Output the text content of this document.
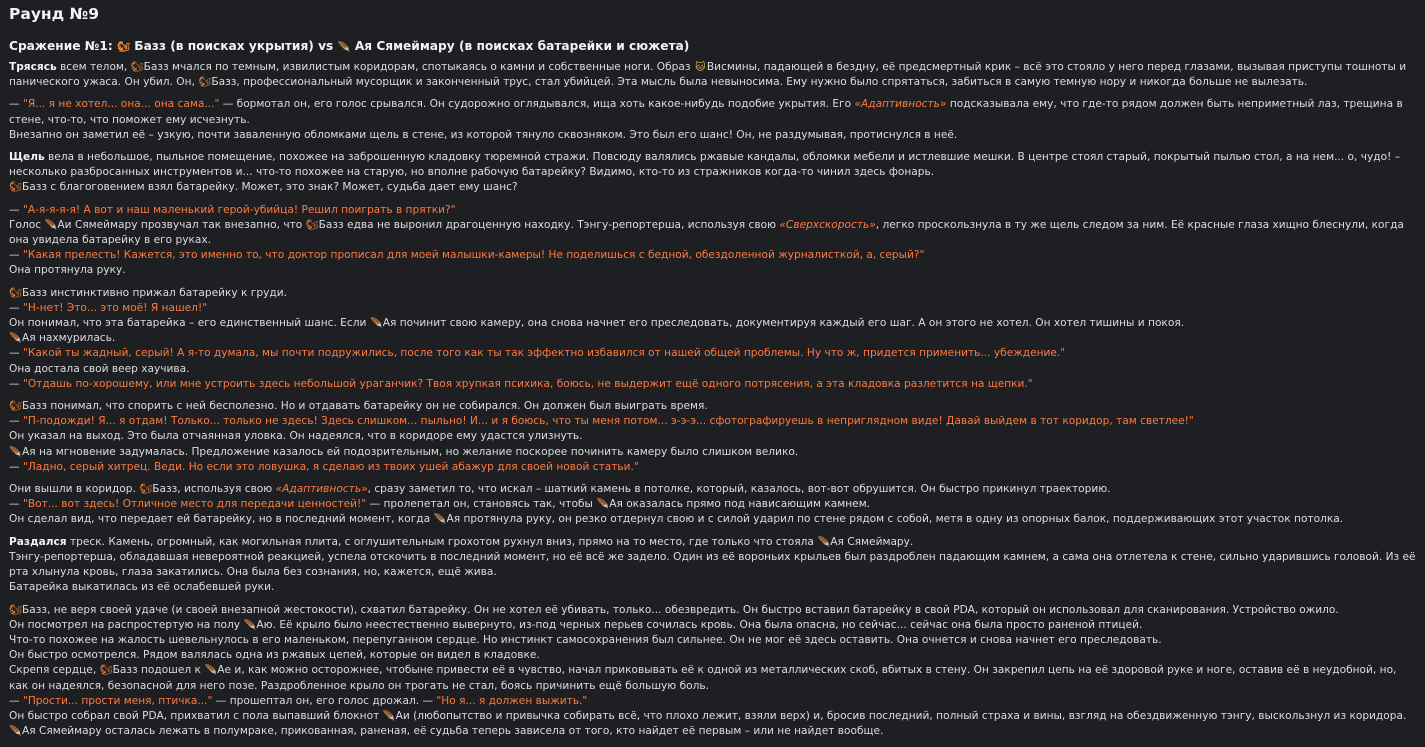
Раунд №9
Сражение №1: 🐿 Базз (в поисках укрытия) vs 🪶 Ая Сямеймару (в поисках батарейки и сюжета)
Трясясь всем телом, 🐿Базз мчался по темным, извилистым коридорам, спотыкаясь о камни и собственные ноги. Образ 🐱Висмины, падающей в бездну, её предсмертный крик – всё это стояло у него перед глазами, вызывая приступы тошноты и панического ужаса. Он убил. Он, 🐿Базз, профессиональный мусорщик и законченный трус, стал убийцей. Эта мысль была невыносима. Ему нужно было спрятаться, забиться в самую темную нору и никогда больше не вылезать.
— "Я... я не хотел... она... она сама..." — бормотал он, его голос срывался. Он судорожно оглядывался, ища хоть какое-нибудь подобие укрытия. Его «Адаптивность» подсказывала ему, что где-то рядом должен быть неприметный лаз, трещина в стене, что-то, что поможет ему исчезнуть.
Внезапно он заметил её – узкую, почти заваленную обломками щель в стене, из которой тянуло сквозняком. Это был его шанс! Он, не раздумывая, протиснулся в неё.
Щель вела в небольшое, пыльное помещение, похожее на заброшенную кладовку тюремной стражи. Повсюду валялись ржавые кандалы, обломки мебели и истлевшие мешки. В центре стоял старый, покрытый пылью стол, а на нем... о, чудо! – несколько разбросанных инструментов и... что-то похожее на старую, но вполне рабочую батарейку? Видимо, кто-то из стражников когда-то чинил здесь фонарь.
🐿Базз с благоговением взял батарейку. Может, это знак? Может, судьба дает ему шанс?
— "А-я-я-я-я! А вот и наш маленький герой-убийца! Решил поиграть в прятки?"
Голос 🪶Аи Сямеймару прозвучал так внезапно, что 🐿Базз едва не выронил драгоценную находку. Тэнгу-репортерша, используя свою «Сверхскорость», легко проскользнула в ту же щель следом за ним. Её красные глаза хищно блеснули, когда она увидела батарейку в его руках.
— "Какая прелесть! Кажется, это именно то, что доктор прописал для моей малышки-камеры! Не поделишься с бедной, обездоленной журналисткой, а, серый?"
Она протянула руку.
🐿Базз инстинктивно прижал батарейку к груди.
— "Н-нет! Это... это моё! Я нашел!"
Он понимал, что эта батарейка – его единственный шанс. Если 🪶Ая починит свою камеру, она снова начнет его преследовать, документируя каждый его шаг. А он этого не хотел. Он хотел тишины и покоя.
🪶Ая нахмурилась.
— "Какой ты жадный, серый! А я-то думала, мы почти подружились, после того как ты так эффектно избавился от нашей общей проблемы. Ну что ж, придется применить... убеждение."
Она достала свой веер хаучива.
— "Отдашь по-хорошему, или мне устроить здесь небольшой ураганчик? Твоя хрупкая психика, боюсь, не выдержит ещё одного потрясения, а эта кладовка разлетится на щепки."
🐿Базз понимал, что спорить с ней бесполезно. Но и отдавать батарейку он не собирался. Он должен был выиграть время.
— "П-подожди! Я... я отдам! Только... только не здесь! Здесь слишком... пыльно! И... и я боюсь, что ты меня потом... э-э-э... сфотографируешь в неприглядном виде! Давай выйдем в тот коридор, там светлее!"
Он указал на выход. Это была отчаянная уловка. Он надеялся, что в коридоре ему удастся улизнуть.
🪶Ая на мгновение задумалась. Предложение казалось ей подозрительным, но желание поскорее починить камеру было слишком велико.
— "Ладно, серый хитрец. Веди. Но если это ловушка, я сделаю из твоих ушей абажур для своей новой статьи."
Они вышли в коридор. 🐿Базз, используя свою «Адаптивность», сразу заметил то, что искал – шаткий камень в потолке, который, казалось, вот-вот обрушится. Он быстро прикинул траекторию.
— "Вот... вот здесь! Отличное место для передачи ценностей!" — пролепетал он, становясь так, чтобы 🪶Ая оказалась прямо под нависающим камнем.
Он сделал вид, что передает ей батарейку, но в последний момент, когда 🪶Ая протянула руку, он резко отдернул свою и с силой ударил по стене рядом с собой, метя в одну из опорных балок, поддерживающих этот участок потолка.
Раздался треск. Камень, огромный, как могильная плита, с оглушительным грохотом рухнул вниз, прямо на то место, где только что стояла 🪶Ая Сямеймару.
Тэнгу-репортерша, обладавшая невероятной реакцией, успела отскочить в последний момент, но её всё же задело. Один из её вороньих крыльев был раздроблен падающим камнем, а сама она отлетела к стене, сильно ударившись головой. Из её рта хлынула кровь, глаза закатились. Она была без сознания, но, кажется, ещё жива.
Батарейка выкатилась из её ослабевшей руки.
🐿Базз, не веря своей удаче (и своей внезапной жестокости), схватил батарейку. Он не хотел её убивать, только... обезвредить. Он быстро вставил батарейку в свой PDA, который он использовал для сканирования. Устройство ожило.
Он посмотрел на распростертую на полу 🪶Аю. Её крыло было неестественно вывернуто, из-под черных перьев сочилась кровь. Она была опасна, но сейчас... сейчас она была просто раненой птицей.
Что-то похожее на жалость шевельнулось в его маленьком, перепуганном сердце. Но инстинкт самосохранения был сильнее. Он не мог её здесь оставить. Она очнется и снова начнет его преследовать.
Он быстро осмотрелся. Рядом валялась одна из ржавых цепей, которые он видел в кладовке.
Скрепя сердце, 🐿Базз подошел к 🪶Ае и, как можно осторожнее, чтобыне привести её в чувство, начал приковывать её к одной из металлических скоб, вбитых в стену. Он закрепил цепь на её здоровой руке и ноге, оставив её в неудобной, но, как он надеялся, безопасной для него позе. Раздробленное крыло он трогать не стал, боясь причинить ещё большую боль.
— "Прости... прости меня, птичка..." — прошептал он, его голос дрожал. — "Но я... я должен выжить."
Он быстро собрал свой PDA, прихватил с пола выпавший блокнот 🪶Аи (любопытство и привычка собирать всё, что плохо лежит, взяли верх) и, бросив последний, полный страха и вины, взгляд на обездвиженную тэнгу, выскользнул из коридора.
🪶Ая Сямеймару осталась лежать в полумраке, прикованная, раненая, её судьба теперь зависела от того, кто найдет её первым – или не найдет вообще.
